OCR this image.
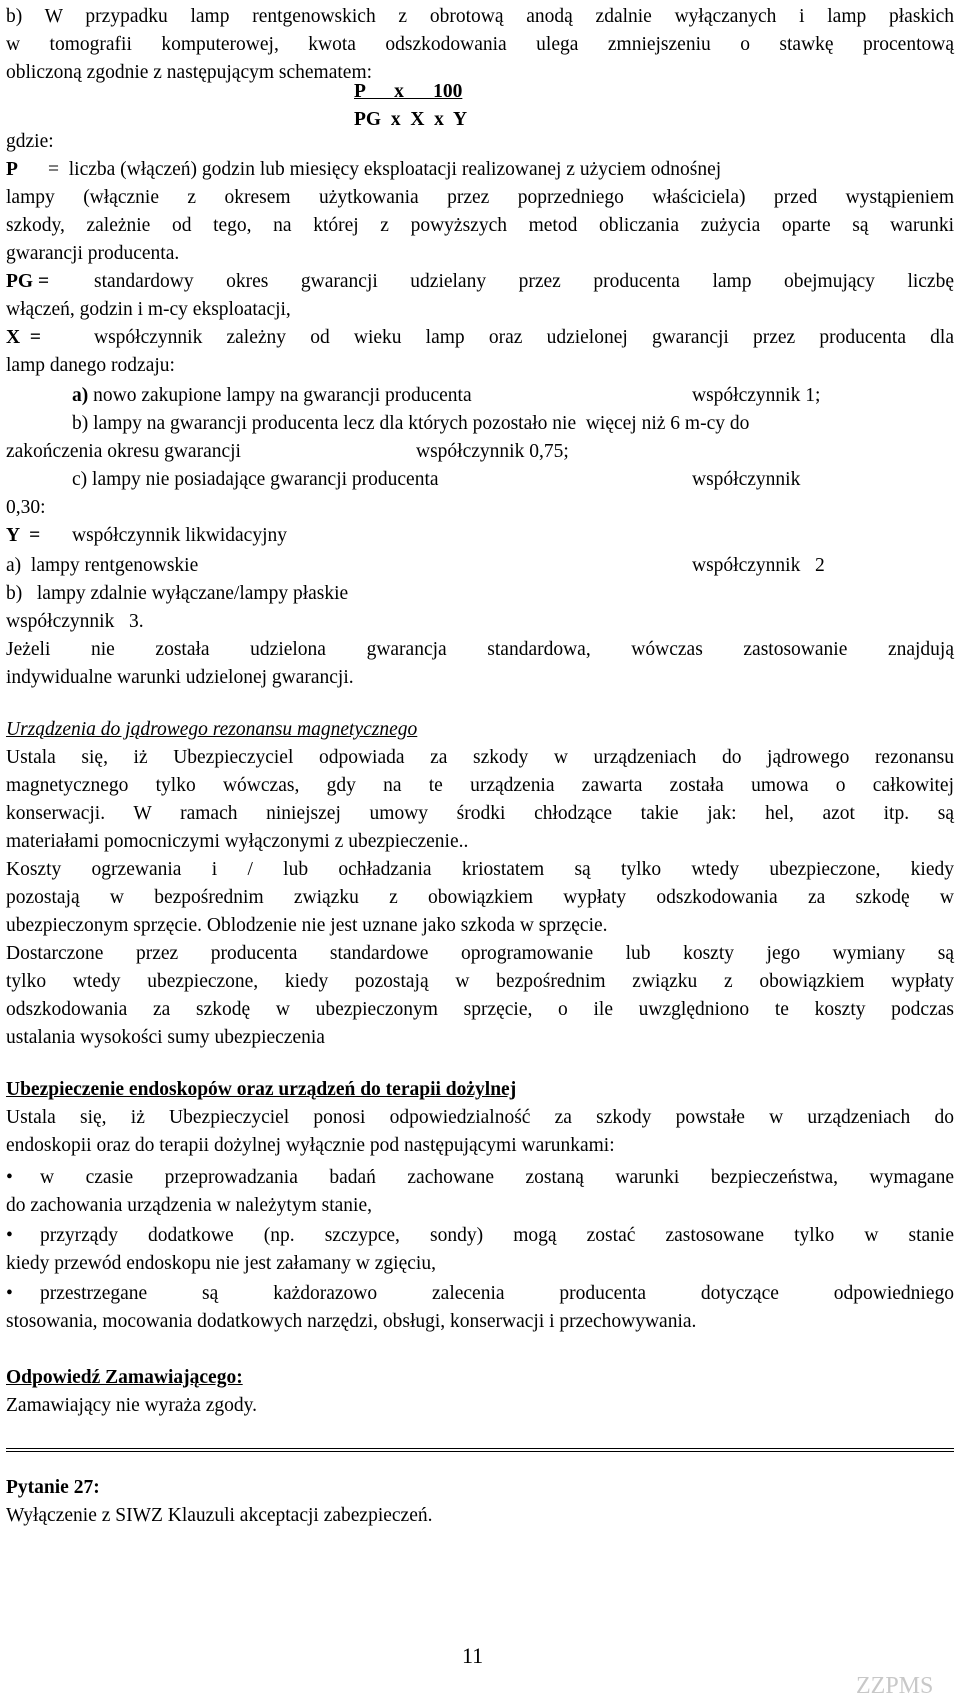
b) W przypadku lamp rentgenowskich z obrotową anodą zdalnie wyłączanych i lamp płaskich
w tomografii komputerowej, kwota odszkodowania ulega zmniejszeniu o stawkę procentową
obliczoną zgodnie z następującym schematem:
P      x      100
PG  x  X  x  Y
gdzie:
P =  liczba (włączeń) godzin lub miesięcy eksploatacji realizowanej z użyciem odnośnej
lampy (włącznie z okresem użytkowania przez poprzedniego właściciela) przed wystąpieniem
szkody, zależnie od tego, na której z powyższych metod obliczania zużycia oparte są warunki
gwarancji producenta.
PG = standardowy okres gwarancji udzielany przez producenta lamp obejmujący liczbę
włączeń, godzin i m-cy eksploatacji,
X  =	współczynnik zależny od wieku lamp oraz udzielonej gwarancji przez producenta dla
lamp danego rodzaju:
a) nowo zakupione lampy na gwarancji producenta	współczynnik 1;
b) lampy na gwarancji producenta lecz dla których pozostało nie  więcej niż 6 m-cy do
zakończenia okresu gwarancji	współczynnik 0,75;
c) lampy nie posiadające gwarancji producenta	współczynnik
0,30:
Y  = współczynnik likwidacyjny
a)  lampy rentgenowskie	współczynnik   2
b)   lampy zdalnie wyłączane/lampy płaskie
współczynnik   3.
Jeżeli nie została udzielona gwarancja standardowa, wówczas zastosowanie znajdują
indywidualne warunki udzielonej gwarancji.
Urządzenia do jądrowego rezonansu magnetycznego
Ustala się, iż Ubezpieczyciel odpowiada za szkody w urządzeniach do jądrowego rezonansu
magnetycznego tylko wówczas, gdy na te urządzenia zawarta została umowa o całkowitej
konserwacji. W ramach niniejszej umowy środki chłodzące takie jak: hel, azot itp. są
materiałami pomocniczymi wyłączonymi z ubezpieczenie..
Koszty ogrzewania i / lub ochładzania kriostatem są tylko wtedy ubezpieczone, kiedy
pozostają w bezpośrednim związku z obowiązkiem wypłaty odszkodowania za szkodę w
ubezpieczonym sprzęcie. Oblodzenie nie jest uznane jako szkoda w sprzęcie.
Dostarczone przez producenta standardowe oprogramowanie lub koszty jego wymiany są
tylko wtedy ubezpieczone, kiedy pozostają w bezpośrednim związku z obowiązkiem wypłaty
odszkodowania za szkodę w ubezpieczonym sprzęcie, o ile uwzględniono te koszty podczas
ustalania wysokości sumy ubezpieczenia
Ubezpieczenie endoskopów oraz urządzeń do terapii dożylnej
Ustala się, iż Ubezpieczyciel ponosi odpowiedzialność za szkody powstałe w urządzeniach do
endoskopii oraz do terapii dożylnej wyłącznie pod następującymi warunkami:
• w czasie przeprowadzania badań zachowane zostaną warunki bezpieczeństwa, wymagane
do zachowania urządzenia w należytym stanie,
• przyrządy dodatkowe (np. szczypce, sondy) mogą zostać zastosowane tylko w stanie
kiedy przewód endoskopu nie jest załamany w zgięciu,
• przestrzegane są każdorazowo zalecenia producenta dotyczące odpowiedniego
stosowania, mocowania dodatkowych narzędzi, obsługi, konserwacji i przechowywania.
Odpowiedź Zamawiającego:
Zamawiający nie wyraża zgody.
Pytanie 27:
Wyłączenie z SIWZ Klauzuli akceptacji zabezpieczeń.
11
ZZPMS
